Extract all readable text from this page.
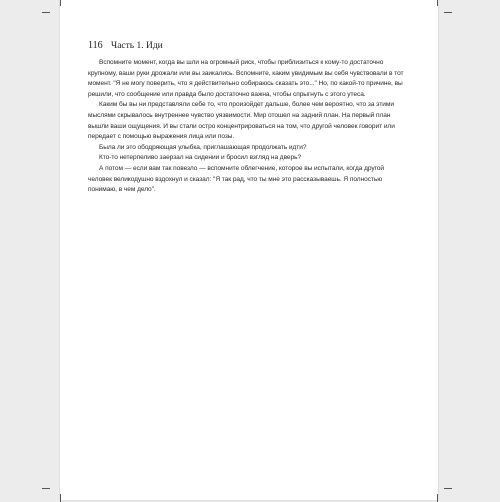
116 Часть 1. Иди

Вспомните момент, когда вы шли на огромный риск, чтобы приблизиться к кому-то достаточно крупному, ваши руки дрожали или вы заикались. Вспомните, каким увидимым вы себя чувствовали в тот момент. "Я не могу поверить, что я действительно собираюсь сказать это..." Но, по какой-то причине, вы решили, что сообщение или правда было достаточно важна, чтобы спрыгнуть с этого утеса.

Каким бы вы ни представляли себе то, что произойдет дальше, более чем вероятно, что за этими мыслями скрывалось внутреннее чувство уязвимости. Мир отошел на задний план. На первый план вышли ваши ощущения. И вы стали остро концентрироваться на том, что другой человек говорит или передает с помощью выражения лица или позы.

Была ли это ободряющая улыбка, приглашающая продолжать идти?

Кто-то нетерпеливо заерзал на сидении и бросил взгляд на дверь?

А потом — если вам так повезло — вспомните облегчение, которое вы испытали, когда другой человек великодушно вздохнул и сказал: "Я так рад, что ты мне это рассказываешь. Я полностью понимаю, в чем дело".
